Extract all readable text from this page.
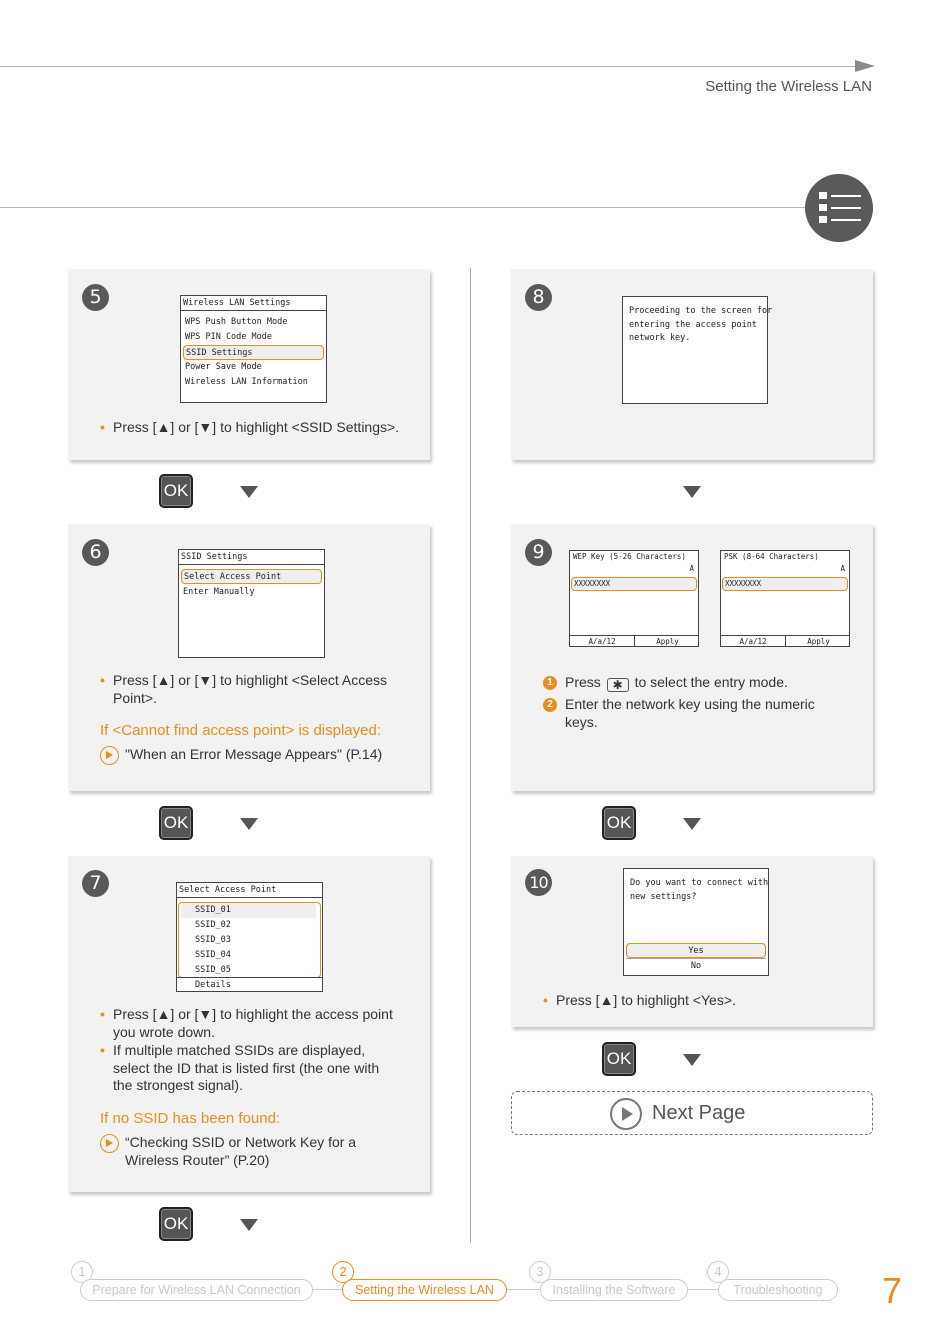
Setting the Wireless LAN
5	Wireless LAN Settings
WPS Push Button Mode
WPS PIN Code Mode
SSID Settings
Power Save Mode
Wireless LAN Information
• Press [▲] or [▼] to highlight <SSID Settings>.
OK
8
Proceeding to the screen for
entering the access point
network key.
6	SSID Settings
Select Access Point
Enter Manually
• Press [▲] or [▼] to highlight <Select Access Point>.
If <Cannot find access point> is displayed:
"When an Error Message Appears" (P.14)
9	WEP Key (5-26 Characters)
A
XXXXXXXX
A/a/12	Apply
PSK (8-64 Characters)
A
XXXXXXXX
A/a/12	Apply
1 Press ✱ to select the entry mode.
2 Enter the network key using the numeric keys.
OK	OK
7	Select Access Point
SSID_01
SSID_02
SSID_03
SSID_04
SSID_05
Details
• Press [▲] or [▼] to highlight the access point you wrote down.
• If multiple matched SSIDs are displayed, select the ID that is listed first (the one with the strongest signal).
If no SSID has been found:
“Checking SSID or Network Key for a Wireless Router” (P.20)
10	Do you want to connect with
new settings?
Yes
No
• Press [▲] to highlight <Yes>.
OK
Next Page
OK
1
Prepare for Wireless LAN Connection
2
Setting the Wireless LAN
3
Installing the Software
4
Troubleshooting	7
